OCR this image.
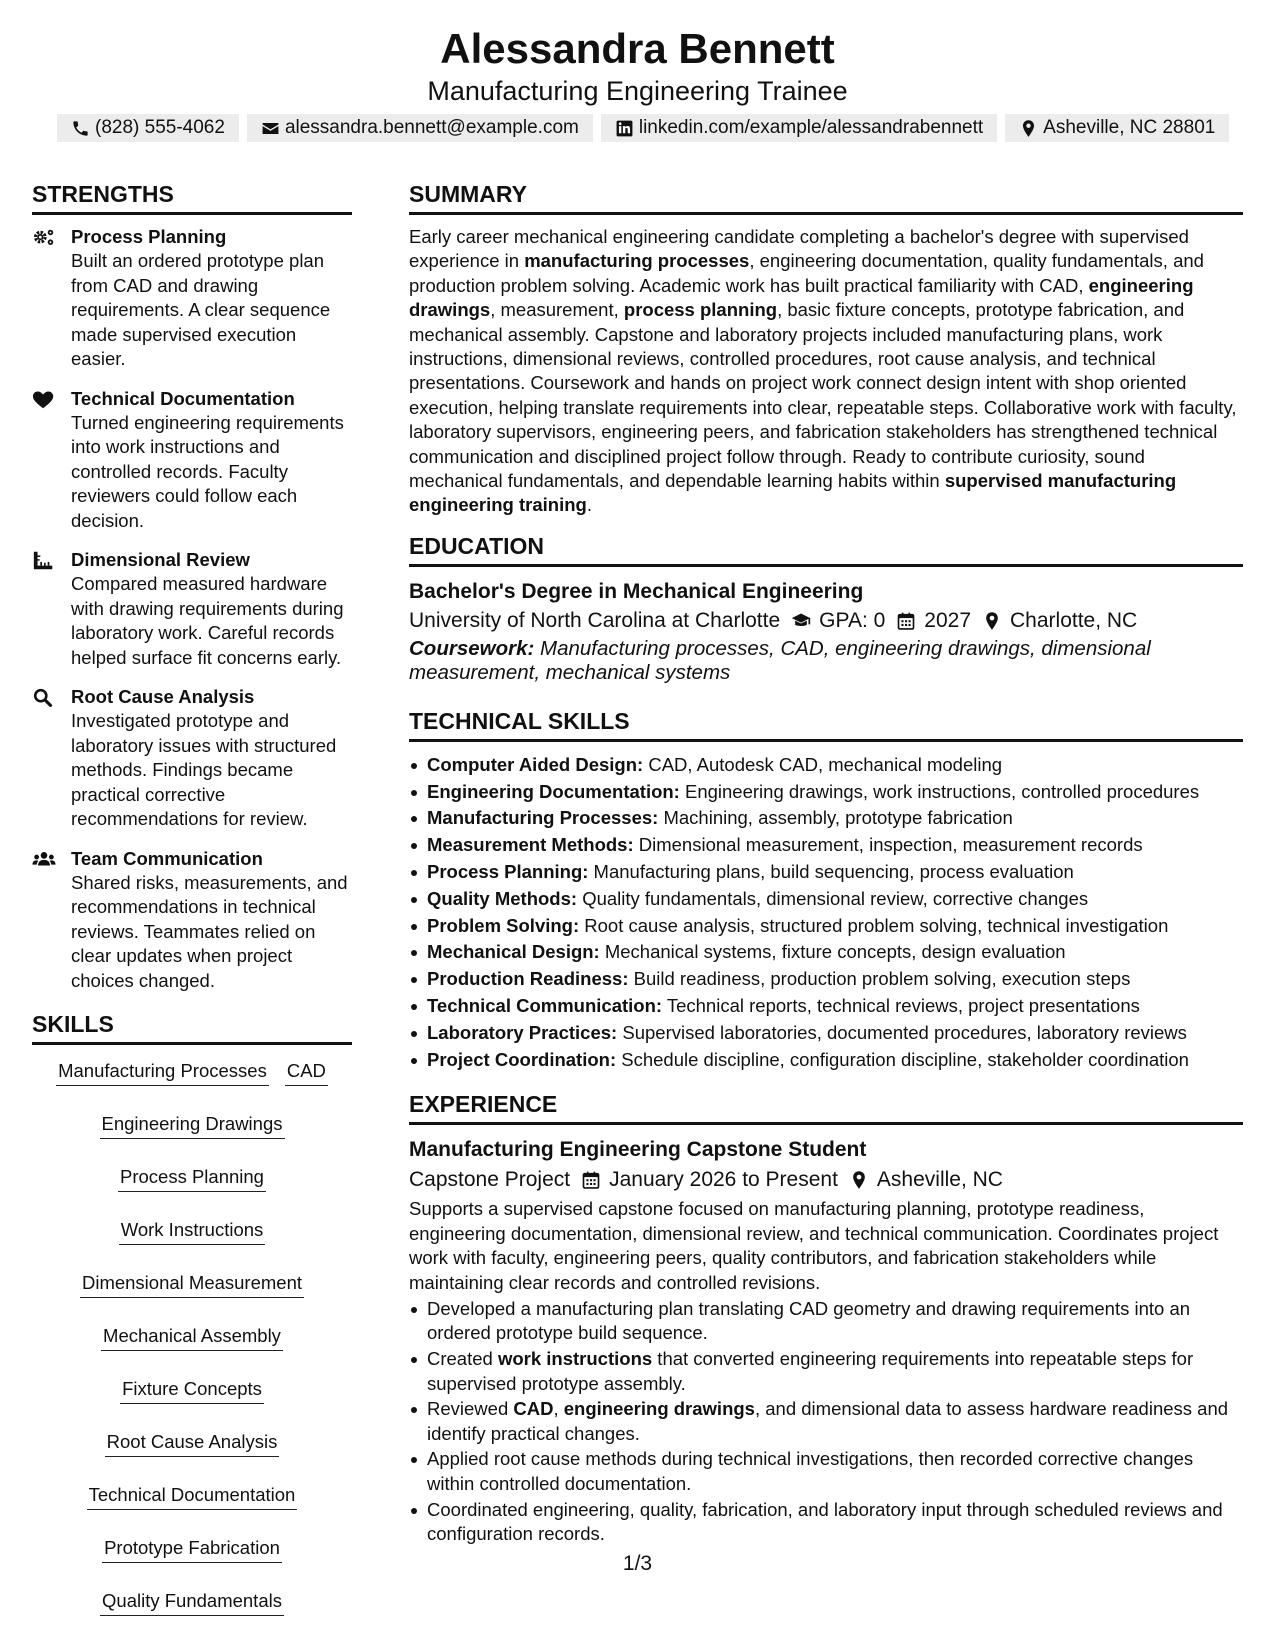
Alessandra Bennett
Manufacturing Engineering Trainee
(828) 555-4062	alessandra.bennett@example.com	linkedin.com/example/alessandrabennett	Asheville, NC 28801
STRENGTHS
Process Planning
Built an ordered prototype plan from CAD and drawing requirements. A clear sequence made supervised execution easier.
Technical Documentation
Turned engineering requirements into work instructions and controlled records. Faculty reviewers could follow each decision.
Dimensional Review
Compared measured hardware with drawing requirements during laboratory work. Careful records helped surface fit concerns early.
Root Cause Analysis
Investigated prototype and laboratory issues with structured methods. Findings became practical corrective recommendations for review.
Team Communication
Shared risks, measurements, and recommendations in technical reviews. Teammates relied on clear updates when project choices changed.
SKILLS
Manufacturing Processes CAD
Engineering Drawings
Process Planning
Work Instructions
Dimensional Measurement
Mechanical Assembly
Fixture Concepts
Root Cause Analysis
Technical Documentation
Prototype Fabrication
Quality Fundamentals
SUMMARY
Early career mechanical engineering candidate completing a bachelor's degree with supervised experience in manufacturing processes, engineering documentation, quality fundamentals, and production problem solving. Academic work has built practical familiarity with CAD, engineering drawings, measurement, process planning, basic fixture concepts, prototype fabrication, and mechanical assembly. Capstone and laboratory projects included manufacturing plans, work instructions, dimensional reviews, controlled procedures, root cause analysis, and technical presentations. Coursework and hands on project work connect design intent with shop oriented execution, helping translate requirements into clear, repeatable steps. Collaborative work with faculty, laboratory supervisors, engineering peers, and fabrication stakeholders has strengthened technical communication and disciplined project follow through. Ready to contribute curiosity, sound mechanical fundamentals, and dependable learning habits within supervised manufacturing engineering training.
EDUCATION
Bachelor's Degree in Mechanical Engineering
University of North Carolina at Charlotte GPA: 0 2027 Charlotte, NC
Coursework: Manufacturing processes, CAD, engineering drawings, dimensional measurement, mechanical systems
TECHNICAL SKILLS
Computer Aided Design: CAD, Autodesk CAD, mechanical modeling
Engineering Documentation: Engineering drawings, work instructions, controlled procedures
Manufacturing Processes: Machining, assembly, prototype fabrication
Measurement Methods: Dimensional measurement, inspection, measurement records
Process Planning: Manufacturing plans, build sequencing, process evaluation
Quality Methods: Quality fundamentals, dimensional review, corrective changes
Problem Solving: Root cause analysis, structured problem solving, technical investigation
Mechanical Design: Mechanical systems, fixture concepts, design evaluation
Production Readiness: Build readiness, production problem solving, execution steps
Technical Communication: Technical reports, technical reviews, project presentations
Laboratory Practices: Supervised laboratories, documented procedures, laboratory reviews
Project Coordination: Schedule discipline, configuration discipline, stakeholder coordination
EXPERIENCE
Manufacturing Engineering Capstone Student
Capstone Project January 2026 to Present Asheville, NC
Supports a supervised capstone focused on manufacturing planning, prototype readiness, engineering documentation, dimensional review, and technical communication. Coordinates project work with faculty, engineering peers, quality contributors, and fabrication stakeholders while maintaining clear records and controlled revisions.
Developed a manufacturing plan translating CAD geometry and drawing requirements into an ordered prototype build sequence.
Created work instructions that converted engineering requirements into repeatable steps for supervised prototype assembly.
Reviewed CAD, engineering drawings, and dimensional data to assess hardware readiness and identify practical changes.
Applied root cause methods during technical investigations, then recorded corrective changes within controlled documentation.
Coordinated engineering, quality, fabrication, and laboratory input through scheduled reviews and configuration records.
1/3
